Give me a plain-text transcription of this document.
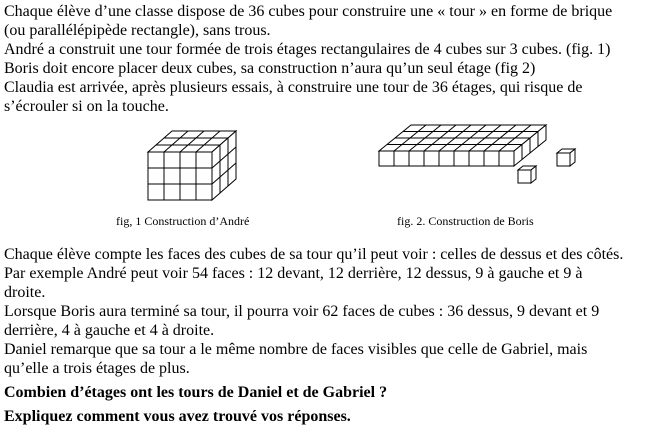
Chaque élève d’une classe dispose de 36 cubes pour construire une « tour » en forme de brique
(ou parallélépipède rectangle), sans trous.
André a construit une tour formée de trois étages rectangulaires de 4 cubes sur 3 cubes. (fig. 1)
Boris doit encore placer deux cubes, sa construction n’aura qu’un seul étage (fig 2)
Claudia est arrivée, après plusieurs essais, à construire une tour de 36 étages, qui risque de
s’écrouler si on la touche.
fig, 1 Construction d’André	fig. 2. Construction de Boris
Chaque élève compte les faces des cubes de sa tour qu’il peut voir : celles de dessus et des côtés.
Par exemple André peut voir 54 faces : 12 devant, 12 derrière, 12 dessus, 9 à gauche et 9 à
droite.
Lorsque Boris aura terminé sa tour, il pourra voir 62 faces de cubes : 36 dessus, 9 devant et 9
derrière, 4 à gauche et 4 à droite.
Daniel remarque que sa tour a le même nombre de faces visibles que celle de Gabriel, mais
qu’elle a trois étages de plus.
Combien d’étages ont les tours de Daniel et de Gabriel ?
Expliquez comment vous avez trouvé vos réponses.
